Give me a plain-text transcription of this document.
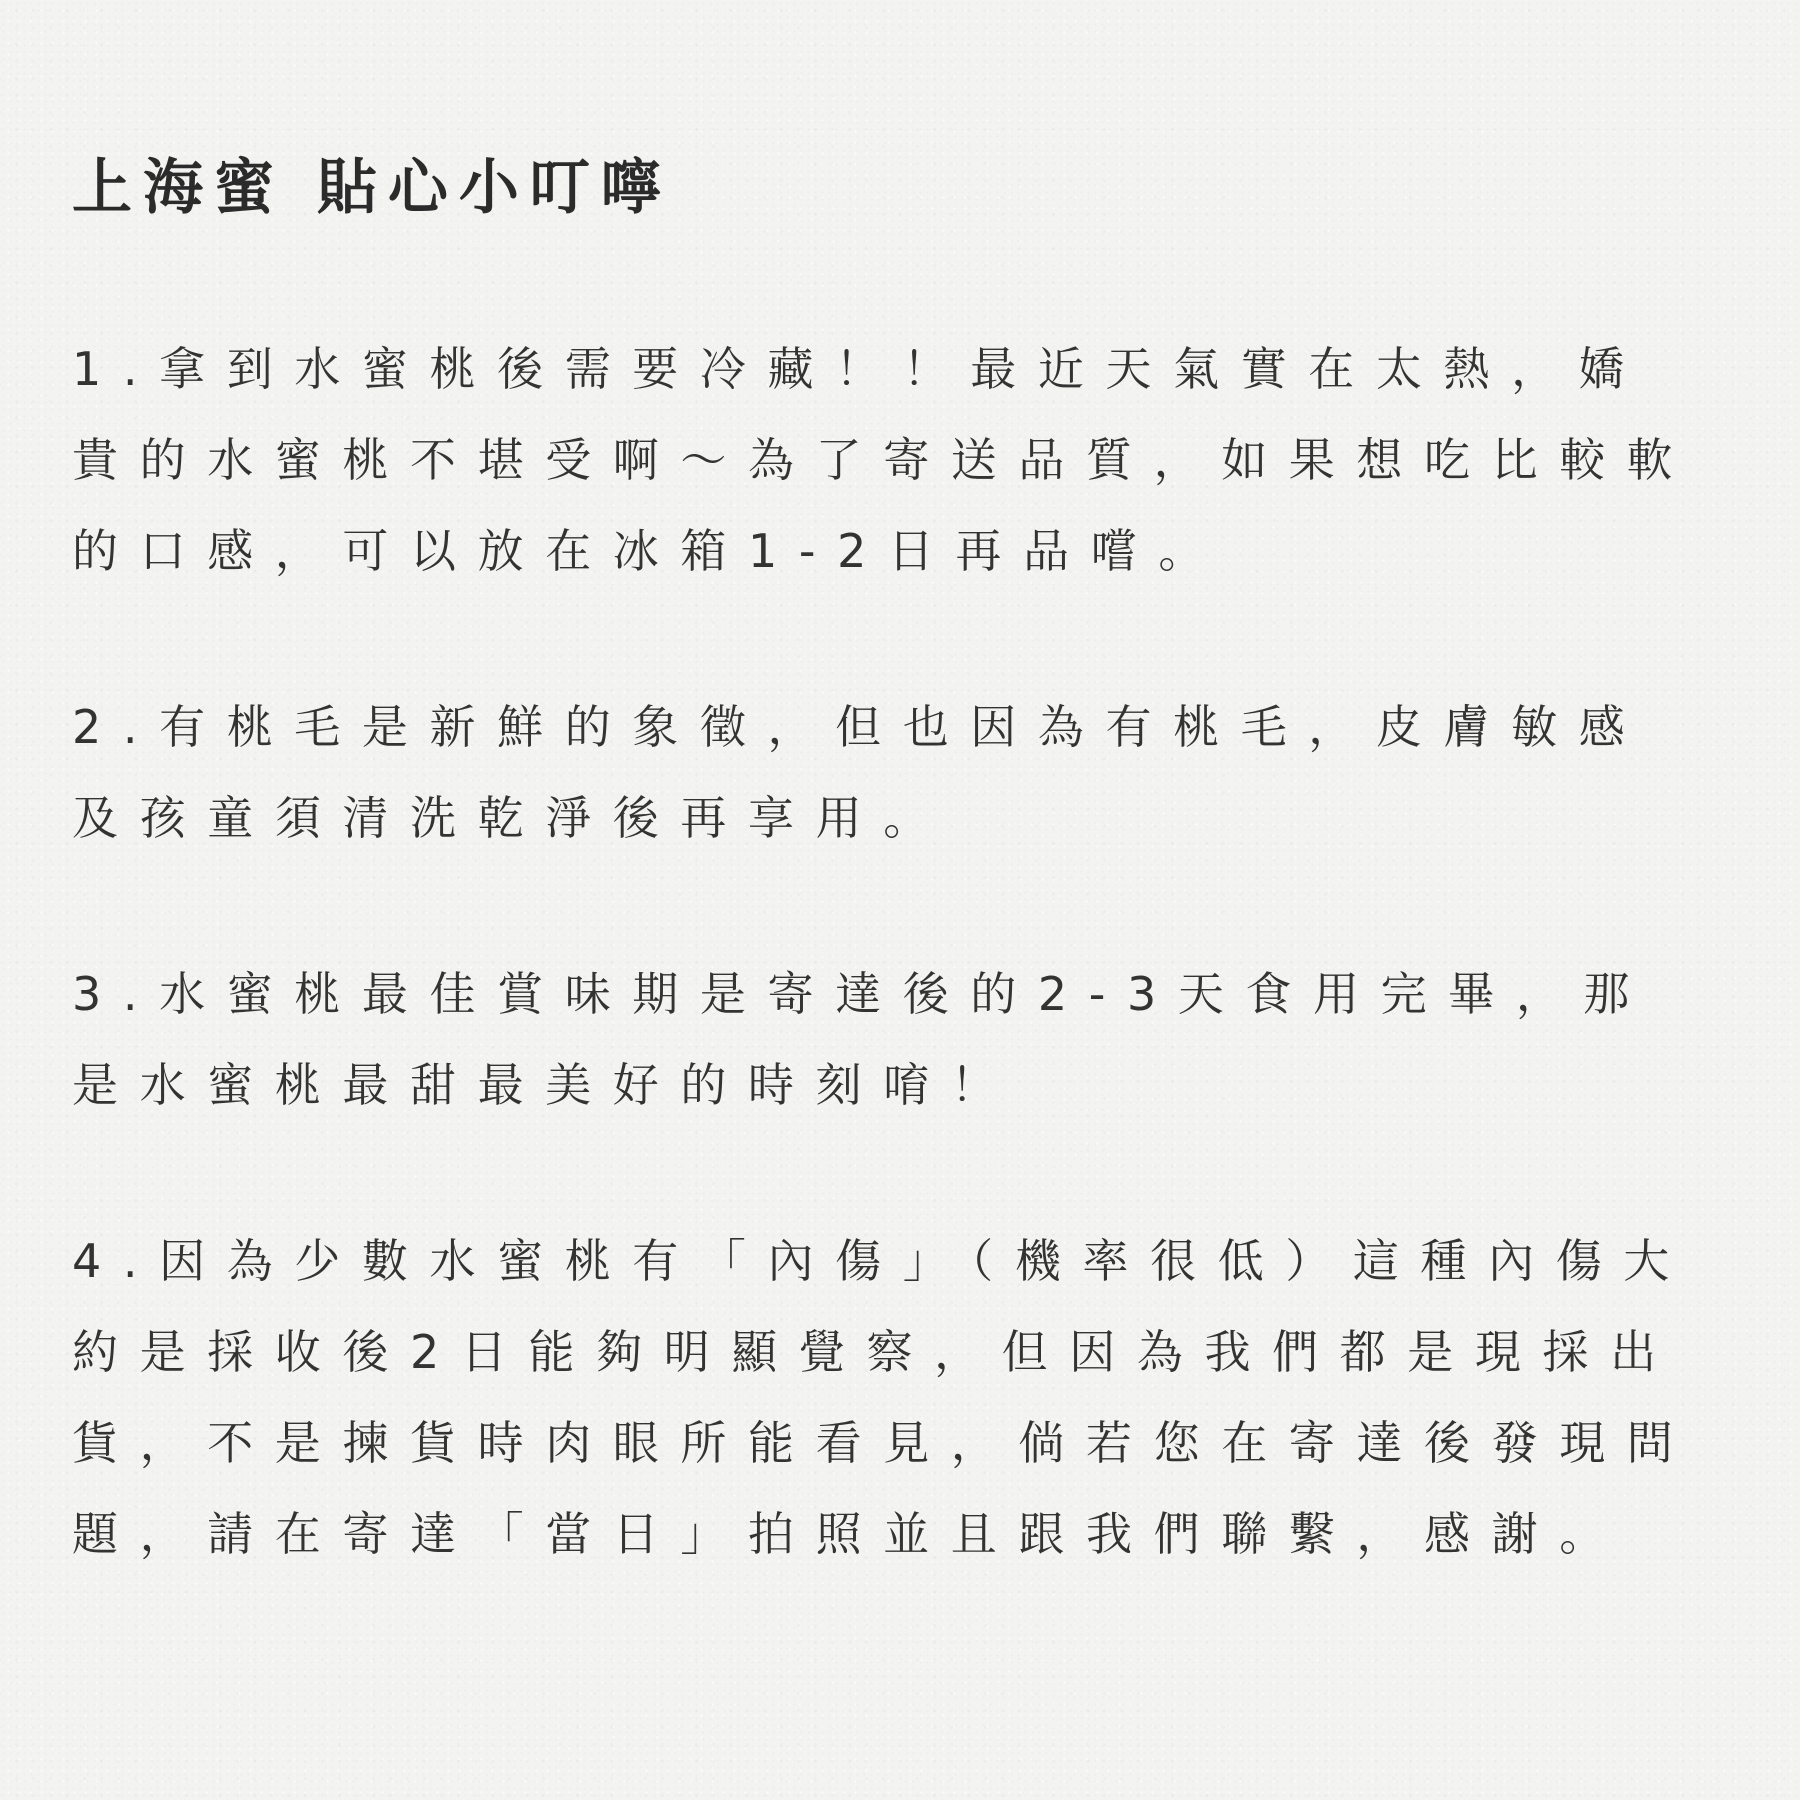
上海蜜 貼心小叮嚀

1.拿到水蜜桃後需要冷藏！！最近天氣實在太熱，嬌貴的水蜜桃不堪受啊～為了寄送品質，如果想吃比較軟的口感，可以放在冰箱1-2日再品嚐。

2.有桃毛是新鮮的象徵，但也因為有桃毛，皮膚敏感及孩童須清洗乾淨後再享用。

3.水蜜桃最佳賞味期是寄達後的2-3天食用完畢，那是水蜜桃最甜最美好的時刻唷！

4.因為少數水蜜桃有「內傷」（機率很低）這種內傷大約是採收後2日能夠明顯覺察，但因為我們都是現採出貨，不是揀貨時肉眼所能看見，倘若您在寄達後發現問題，請在寄達「當日」拍照並且跟我們聯繫，感謝。
